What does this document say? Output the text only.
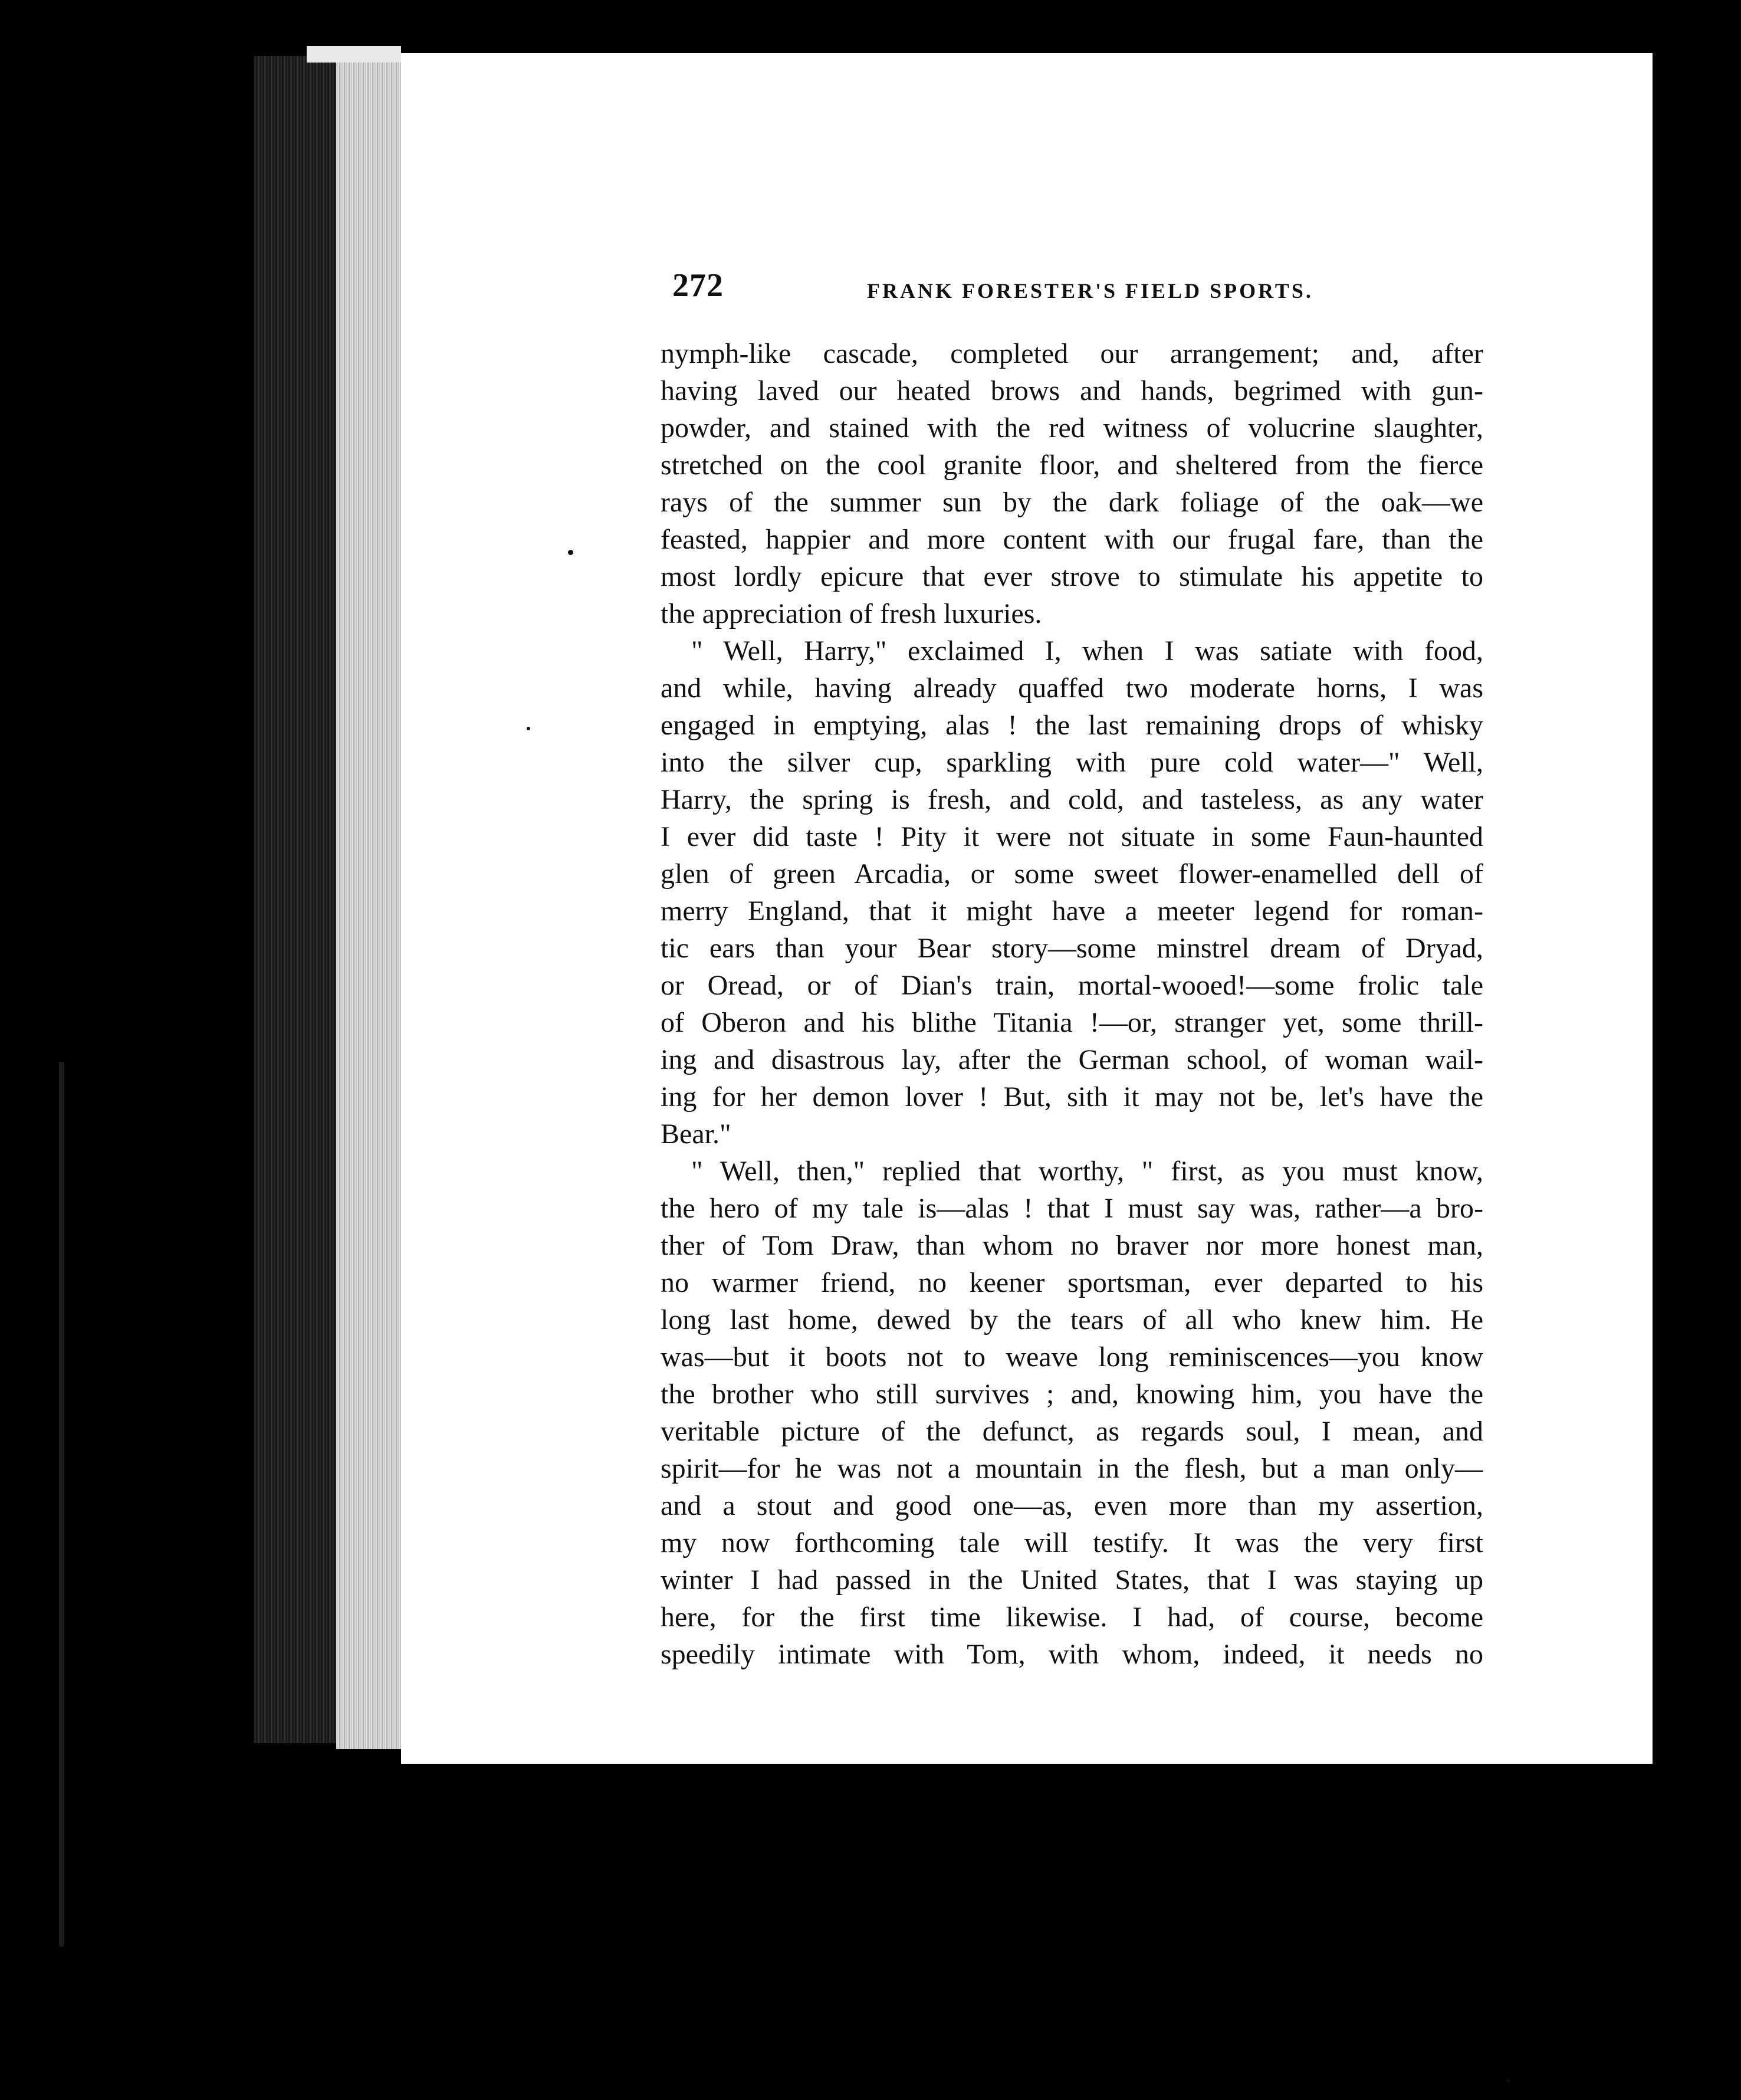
272	FRANK FORESTER'S FIELD SPORTS.
nymph-like cascade, completed our arrangement; and, after
having laved our heated brows and hands, begrimed with gun-
powder, and stained with the red witness of volucrine slaughter,
stretched on the cool granite floor, and sheltered from the fierce
rays of the summer sun by the dark foliage of the oak—we
feasted, happier and more content with our frugal fare, than the
most lordly epicure that ever strove to stimulate his appetite to
the appreciation of fresh luxuries.
" Well, Harry," exclaimed I, when I was satiate with food,
and while, having already quaffed two moderate horns, I was
engaged in emptying, alas ! the last remaining drops of whisky
into the silver cup, sparkling with pure cold water—" Well,
Harry, the spring is fresh, and cold, and tasteless, as any water
I ever did taste ! Pity it were not situate in some Faun-haunted
glen of green Arcadia, or some sweet flower-enamelled dell of
merry England, that it might have a meeter legend for roman-
tic ears than your Bear story—some minstrel dream of Dryad,
or Oread, or of Dian's train, mortal-wooed!—some frolic tale
of Oberon and his blithe Titania !—or, stranger yet, some thrill-
ing and disastrous lay, after the German school, of woman wail-
ing for her demon lover ! But, sith it may not be, let's have the
Bear."
" Well, then," replied that worthy, " first, as you must know,
the hero of my tale is—alas ! that I must say was, rather—a bro-
ther of Tom Draw, than whom no braver nor more honest man,
no warmer friend, no keener sportsman, ever departed to his
long last home, dewed by the tears of all who knew him. He
was—but it boots not to weave long reminiscences—you know
the brother who still survives ; and, knowing him, you have the
veritable picture of the defunct, as regards soul, I mean, and
spirit—for he was not a mountain in the flesh, but a man only—
and a stout and good one—as, even more than my assertion,
my now forthcoming tale will testify. It was the very first
winter I had passed in the United States, that I was staying up
here, for the first time likewise. I had, of course, become
speedily intimate with Tom, with whom, indeed, it needs no
